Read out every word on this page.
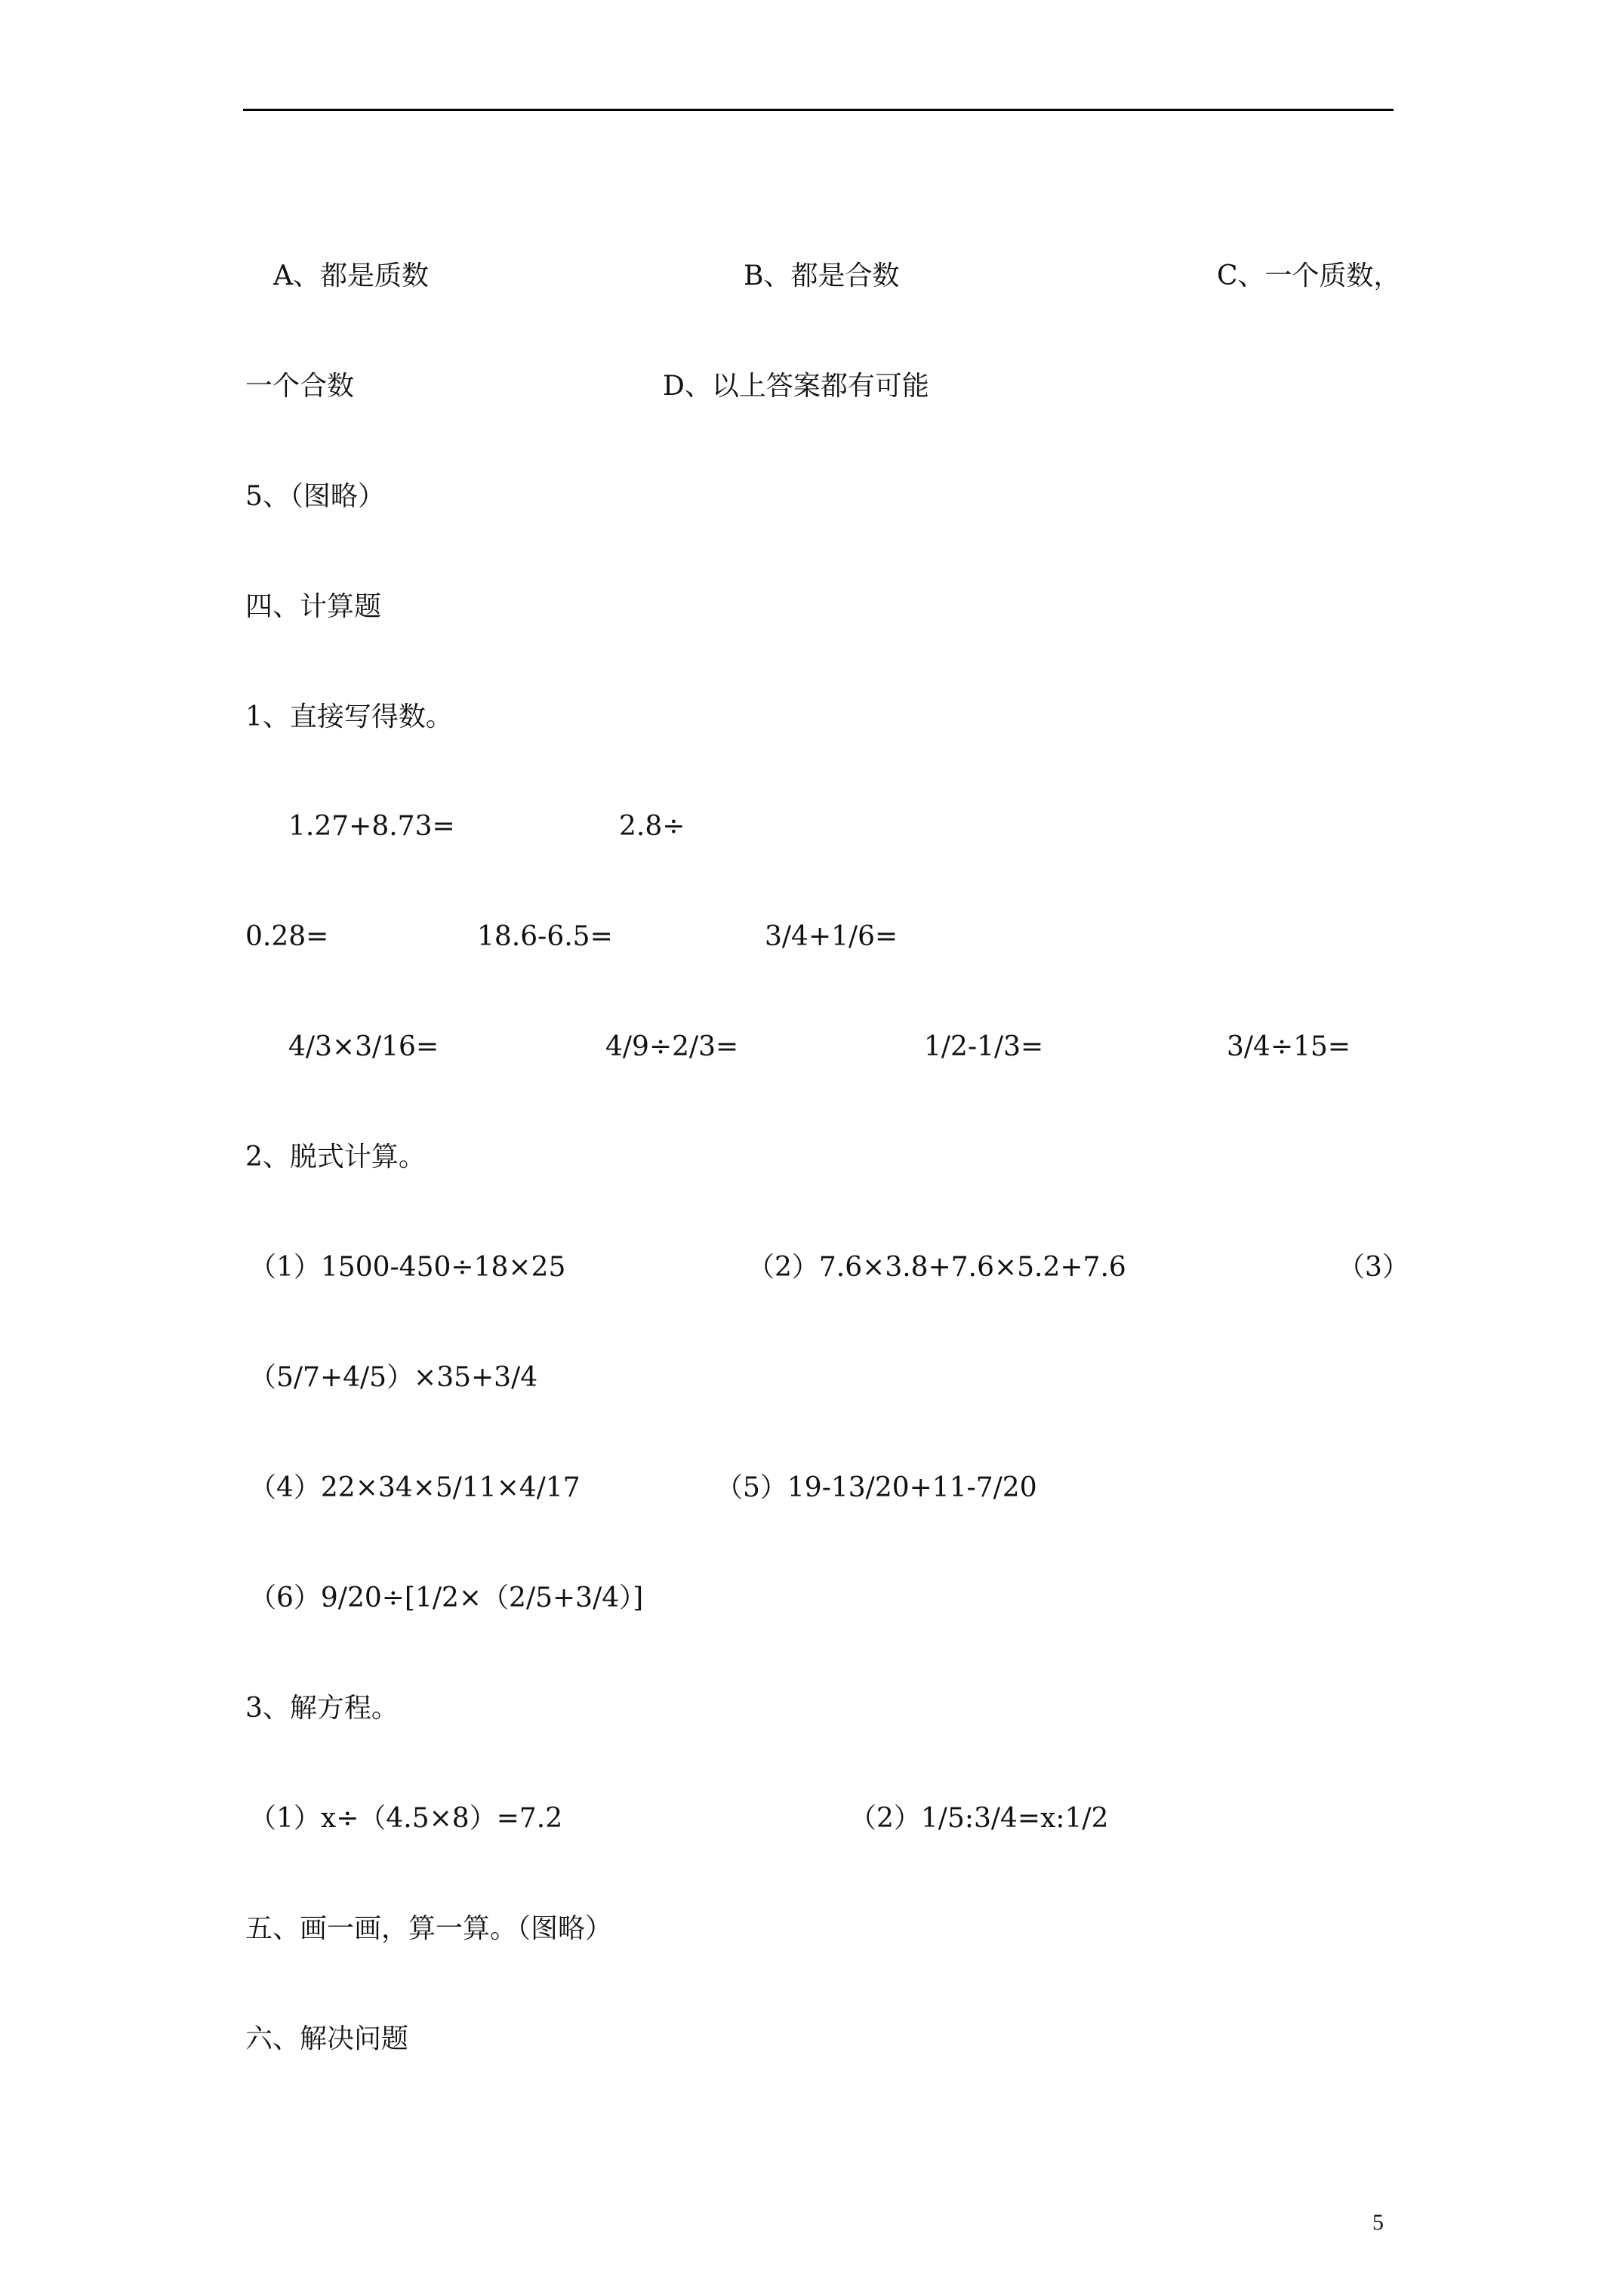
A、都是质数	B、都是合数	C、一个质数，
一个合数	D、以上答案都有可能
5、（图略）
四、计算题
1、直接写得数。
1.27+8.73=	2.8÷
0.28=	18.6-6.5=	3/4+1/6=
4/3×3/16=	4/9÷2/3=	1/2-1/3=	3/4÷15=
2、脱式计算。
（1）1500-450÷18×25	（2）7.6×3.8+7.6×5.2+7.6	（3）
（5/7+4/5）×35+3/4
（4）22×34×5/11×4/17	（5）19-13/20+11-7/20
（6）9/20÷[1/2×（2/5+3/4）]
3、解方程。
（1）x÷（4.5×8）=7.2	（2）1/5:3/4=x:1/2
五、画一画，算一算。（图略）
六、解决问题
5
